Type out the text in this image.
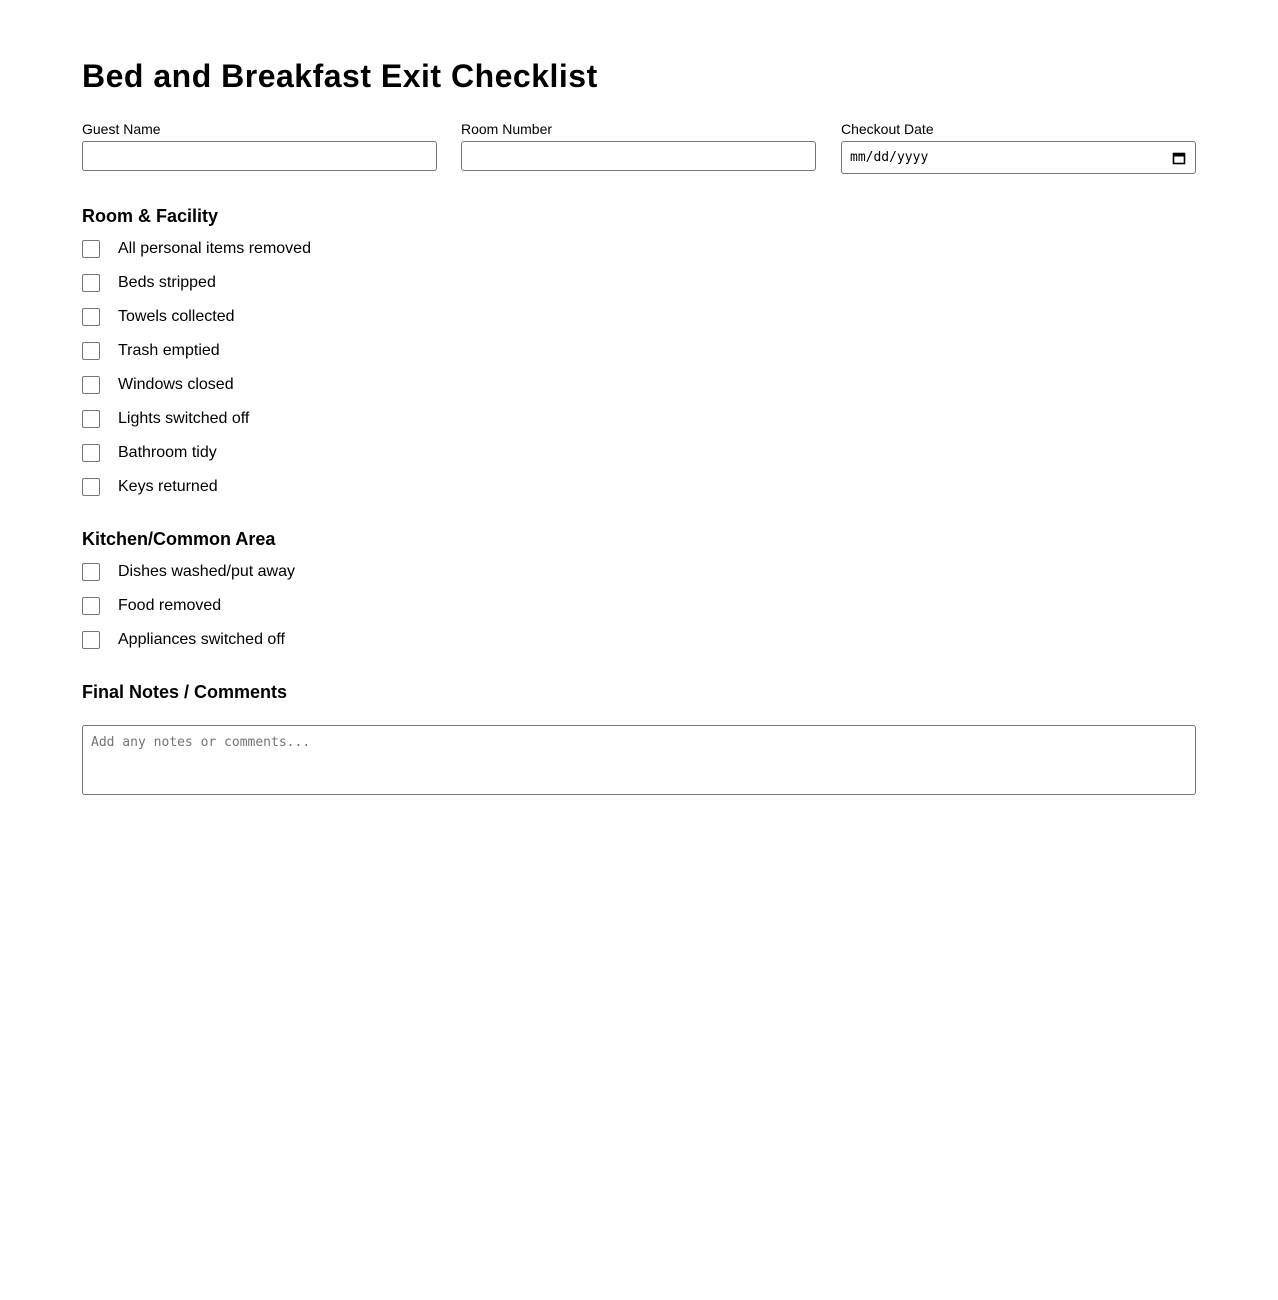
Bed and Breakfast Exit Checklist
Guest Name	Room Number	Checkout Date
mm/dd/yyyy
Room & Facility
All personal items removed
Beds stripped
Towels collected
Trash emptied
Windows closed
Lights switched off
Bathroom tidy
Keys returned
Kitchen/Common Area
Dishes washed/put away
Food removed
Appliances switched off
Final Notes / Comments
Add any notes or comments...
